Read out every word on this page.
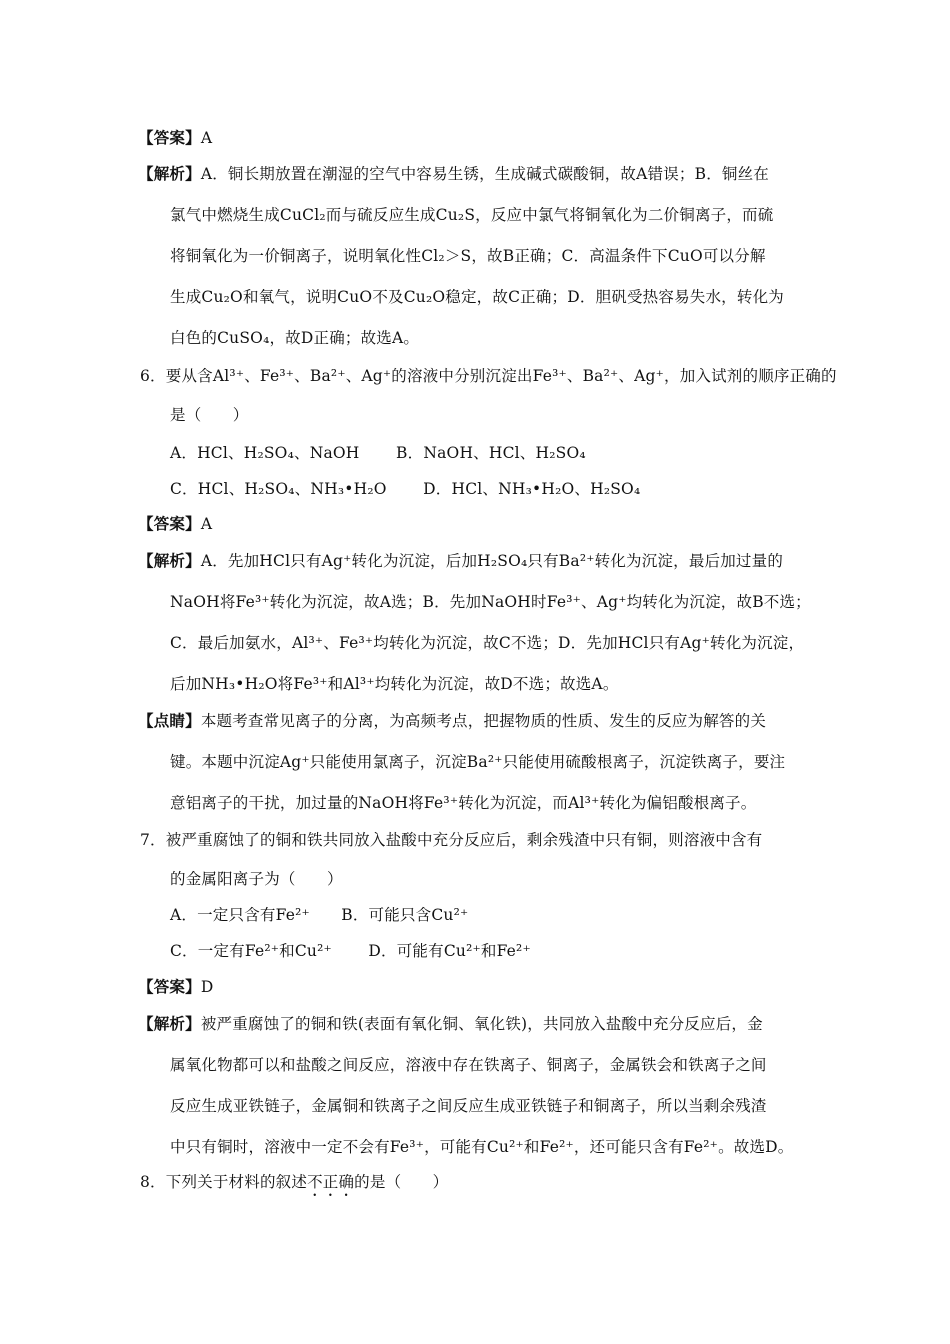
【答案】A
【解析】A．铜长期放置在潮湿的空气中容易生锈，生成碱式碳酸铜，故A错误；B．铜丝在
氯气中燃烧生成CuCl₂而与硫反应生成Cu₂S，反应中氯气将铜氧化为二价铜离子，而硫
将铜氧化为一价铜离子，说明氧化性Cl₂＞S，故B正确；C．高温条件下CuO可以分解
生成Cu₂O和氧气，说明CuO不及Cu₂O稳定，故C正确；D．胆矾受热容易失水，转化为
白色的CuSO₄，故D正确；故选A。
6．要从含Al³⁺、Fe³⁺、Ba²⁺、Ag⁺的溶液中分别沉淀出Fe³⁺、Ba²⁺、Ag⁺，加入试剂的顺序正确的
是（　　）
A．HCl、H₂SO₄、NaOH　　 B．NaOH、HCl、H₂SO₄
C．HCl、H₂SO₄、NH₃•H₂O　　 D．HCl、NH₃•H₂O、H₂SO₄
【答案】A
【解析】A．先加HCl只有Ag⁺转化为沉淀，后加H₂SO₄只有Ba²⁺转化为沉淀，最后加过量的
NaOH将Fe³⁺转化为沉淀，故A选；B．先加NaOH时Fe³⁺、Ag⁺均转化为沉淀，故B不选；
C．最后加氨水，Al³⁺、Fe³⁺均转化为沉淀，故C不选；D．先加HCl只有Ag⁺转化为沉淀，
后加NH₃•H₂O将Fe³⁺和Al³⁺均转化为沉淀，故D不选；故选A。
【点睛】本题考查常见离子的分离，为高频考点，把握物质的性质、发生的反应为解答的关
键。本题中沉淀Ag⁺只能使用氯离子，沉淀Ba²⁺只能使用硫酸根离子，沉淀铁离子，要注
意铝离子的干扰，加过量的NaOH将Fe³⁺转化为沉淀，而Al³⁺转化为偏铝酸根离子。
7．被严重腐蚀了的铜和铁共同放入盐酸中充分反应后，剩余残渣中只有铜，则溶液中含有
的金属阳离子为（　　）
A．一定只含有Fe²⁺　　B．可能只含Cu²⁺
C．一定有Fe²⁺和Cu²⁺　　 D．可能有Cu²⁺和Fe²⁺
【答案】D
【解析】被严重腐蚀了的铜和铁(表面有氧化铜、氧化铁)，共同放入盐酸中充分反应后，金
属氧化物都可以和盐酸之间反应，溶液中存在铁离子、铜离子，金属铁会和铁离子之间
反应生成亚铁链子，金属铜和铁离子之间反应生成亚铁链子和铜离子，所以当剩余残渣
中只有铜时，溶液中一定不会有Fe³⁺，可能有Cu²⁺和Fe²⁺，还可能只含有Fe²⁺。故选D。
8．下列关于材料的叙述不正确的是（　　）
